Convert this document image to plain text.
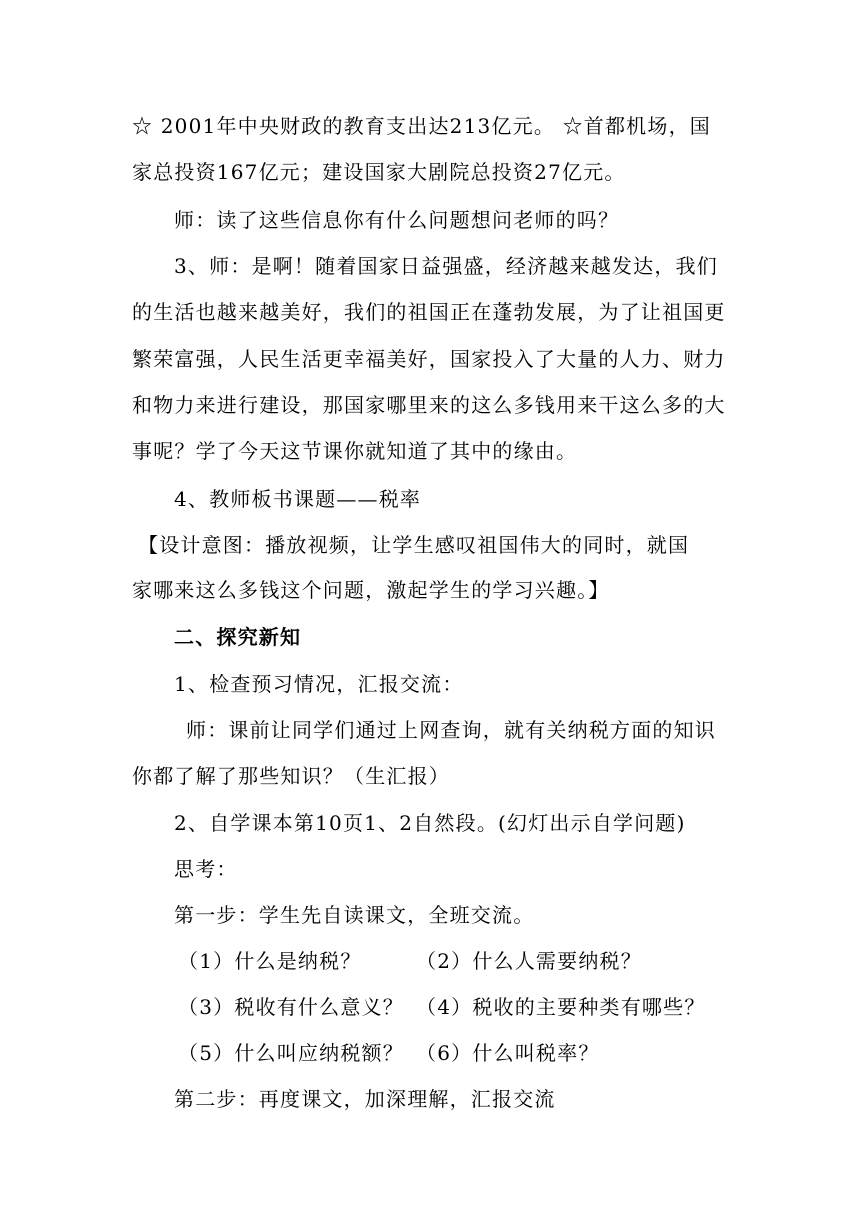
☆ 2001年中央财政的教育支出达213亿元。 ☆首都机场，国
家总投资167亿元；建设国家大剧院总投资27亿元。
师：读了这些信息你有什么问题想问老师的吗？
3、师：是啊！随着国家日益强盛，经济越来越发达，我们
的生活也越来越美好，我们的祖国正在蓬勃发展，为了让祖国更
繁荣富强，人民生活更幸福美好，国家投入了大量的人力、财力
和物力来进行建设，那国家哪里来的这么多钱用来干这么多的大
事呢？学了今天这节课你就知道了其中的缘由。
4、教师板书课题——税率
【设计意图：播放视频，让学生感叹祖国伟大的同时，就国
家哪来这么多钱这个问题，激起学生的学习兴趣。】
二、探究新知
1、检查预习情况，汇报交流：
师：课前让同学们通过上网查询，就有关纳税方面的知识
你都了解了那些知识？（生汇报）
2、自学课本第10页1、2自然段。(幻灯出示自学问题)
思考：
第一步：学生先自读课文，全班交流。
（1）什么是纳税？	（2）什么人需要纳税？
（3）税收有什么意义？ （4）税收的主要种类有哪些？
（5）什么叫应纳税额？ （6）什么叫税率？
第二步：再度课文，加深理解，汇报交流
